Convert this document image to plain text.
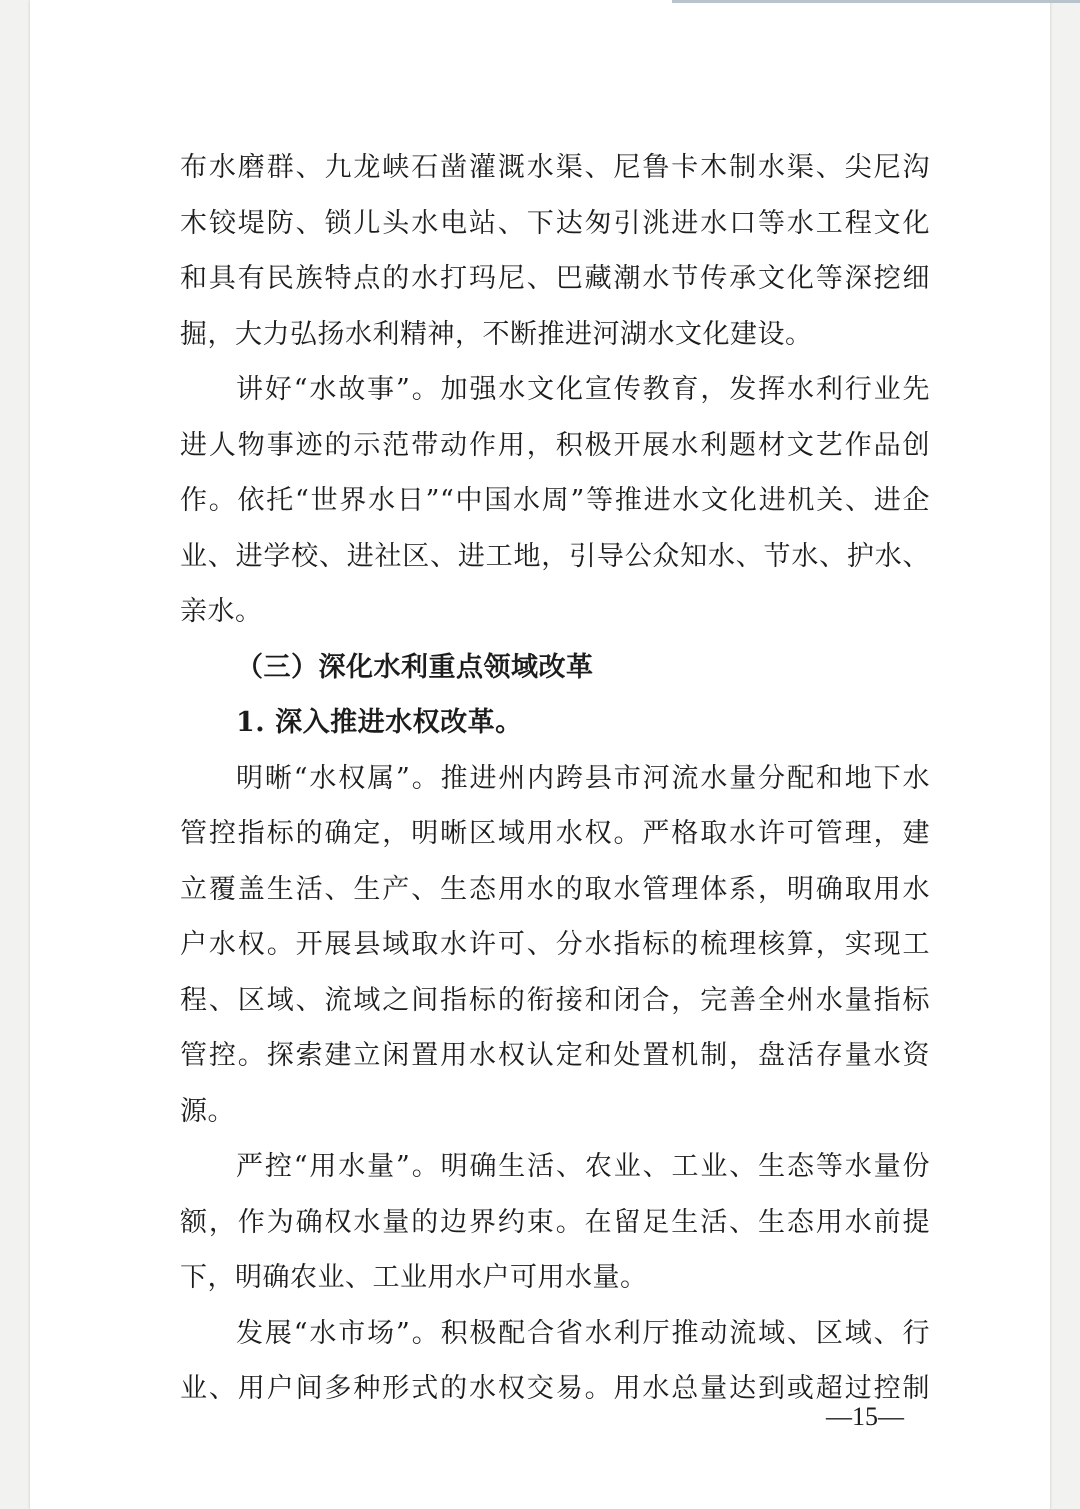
布水磨群、九龙峡石凿灌溉水渠、尼鲁卡木制水渠、尖尼沟
木铰堤防、锁儿头水电站、下达匆引洮进水口等水工程文化
和具有民族特点的水打玛尼、巴藏潮水节传承文化等深挖细
掘，大力弘扬水利精神，不断推进河湖水文化建设。
讲好“水故事”。加强水文化宣传教育，发挥水利行业先
进人物事迹的示范带动作用，积极开展水利题材文艺作品创
作。依托“世界水日”“中国水周”等推进水文化进机关、进企
业、进学校、进社区、进工地，引导公众知水、节水、护水、
亲水。
（三）深化水利重点领域改革
1. 深入推进水权改革。
明晰“水权属”。推进州内跨县市河流水量分配和地下水
管控指标的确定，明晰区域用水权。严格取水许可管理，建
立覆盖生活、生产、生态用水的取水管理体系，明确取用水
户水权。开展县域取水许可、分水指标的梳理核算，实现工
程、区域、流域之间指标的衔接和闭合，完善全州水量指标
管控。探索建立闲置用水权认定和处置机制，盘活存量水资
源。
严控“用水量”。明确生活、农业、工业、生态等水量份
额，作为确权水量的边界约束。在留足生活、生态用水前提
下，明确农业、工业用水户可用水量。
发展“水市场”。积极配合省水利厅推动流域、区域、行
业、用户间多种形式的水权交易。用水总量达到或超过控制
—15—
